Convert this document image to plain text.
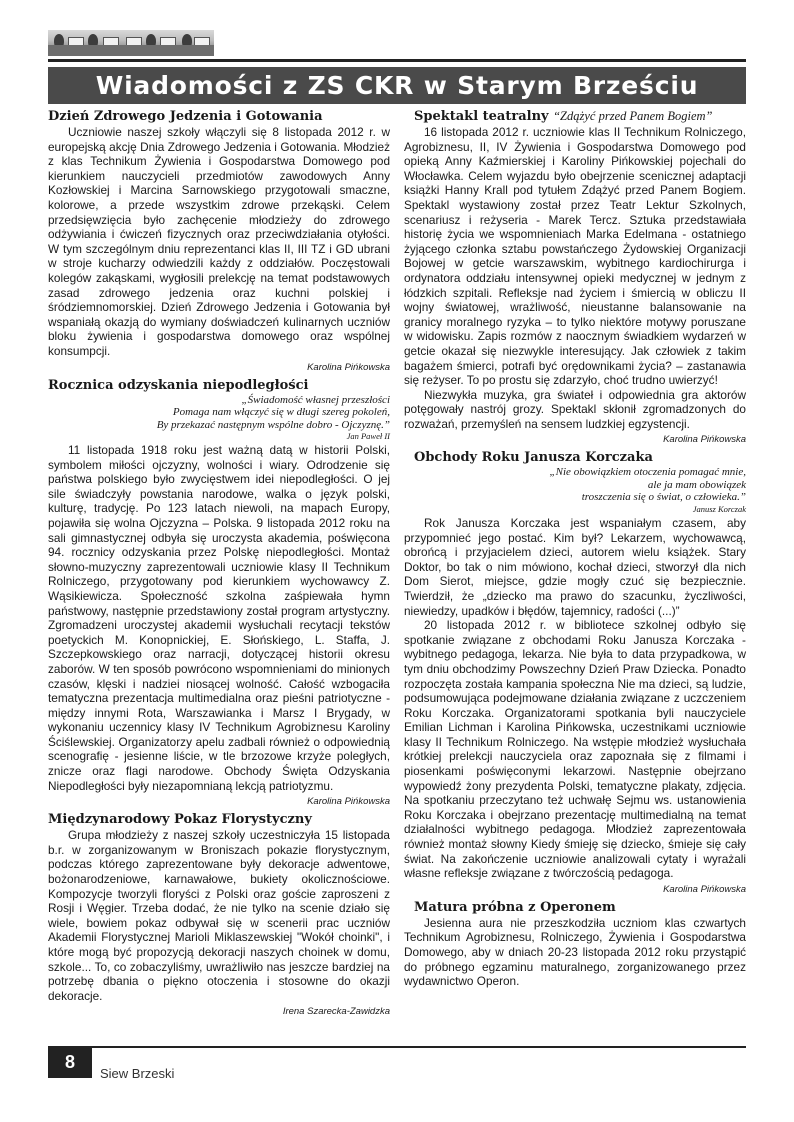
Wiadomości z ZS CKR w Starym Brześciu
Dzień Zdrowego Jedzenia i Gotowania

Uczniowie naszej szkoły włączyli się 8 listopada 2012 r. w europejską akcję Dnia Zdrowego Jedzenia i Gotowania. Młodzież z klas Technikum Żywienia i Gospodarstwa Domowego pod kierunkiem nauczycieli przedmiotów zawodowych Anny Kozłowskiej i Marcina Sarnowskiego przygotowali smaczne, kolorowe, a przede wszystkim zdrowe przekąski. Celem przedsięwzięcia było zachęcenie młodzieży do zdrowego odżywiania i ćwiczeń fizycznych oraz przeciwdziałania otyłości. W tym szczególnym dniu reprezentanci klas II, III TZ i GD ubrani w stroje kucharzy odwiedzili każdy z oddziałów. Poczęstowali kolegów zakąskami, wygłosili prelekcję na temat podstawowych zasad zdrowego jedzenia oraz kuchni polskiej i śródziemnomorskiej. Dzień Zdrowego Jedzenia i Gotowania był wspaniałą okazją do wymiany doświadczeń kulinarnych uczniów bloku żywienia i gospodarstwa domowego oraz wspólnej konsumpcji.

Karolina Pińkowska
Rocznica odzyskania niepodległości
„Świadomość własnej przeszłości
Pomaga nam włączyć się w długi szereg pokoleń,
By przekazać następnym wspólne dobro - Ojczyznę.”
Jan Paweł II

11 listopada 1918 roku jest ważną datą w historii Polski, symbolem miłości ojczyzny, wolności i wiary. Odrodzenie się państwa polskiego było zwycięstwem idei niepodległości. O jej sile świadczyły powstania narodowe, walka o język polski, kulturę, tradycję. Po 123 latach niewoli, na mapach Europy, pojawiła się wolna Ojczyzna – Polska. 9 listopada 2012 roku na sali gimnastycznej odbyła się uroczysta akademia, poświęcona 94. rocznicy odzyskania przez Polskę niepodległości. Montaż słowno-muzyczny zaprezentowali uczniowie klasy II Technikum Rolniczego, przygotowany pod kierunkiem wychowawcy Z. Wąsikiewicza. Społeczność szkolna zaśpiewała hymn państwowy, następnie przedstawiony został program artystyczny. Zgromadzeni uroczystej akademii wysłuchali recytacji tekstów poetyckich M. Konopnickiej, E. Słońskiego, L. Staffa, J. Szczepkowskiego oraz narracji, dotyczącej historii okresu zaborów. W ten sposób powrócono wspomnieniami do minionych czasów, klęski i nadziei niosącej wolność. Całość wzbogaciła tematyczna prezentacja multimedialna oraz pieśni patriotyczne - między innymi Rota, Warszawianka i Marsz I Brygady, w wykonaniu uczennicy klasy IV Technikum Agrobiznesu Karoliny Ściślewskiej. Organizatorzy apelu zadbali również o odpowiednią scenografię - jesienne liście, w tle brzozowe krzyże poległych, znicze oraz flagi narodowe. Obchody Święta Odzyskania Niepodległości były niezapomnianą lekcją patriotyzmu.

Karolina Pińkowska
Międzynarodowy Pokaz Florystyczny

Grupa młodzieży z naszej szkoły uczestniczyła 15 listopada b.r. w zorganizowanym w Broniszach pokazie florystycznym, podczas którego zaprezentowane były dekoracje adwentowe, bożonarodzeniowe, karnawałowe, bukiety okolicznościowe. Kompozycje tworzyli floryści z Polski oraz goście zaproszeni z Rosji i Węgier. Trzeba dodać, że nie tylko na scenie działo się wiele, bowiem pokaz odbywał się w scenerii prac uczniów Akademii Florystycznej Marioli Miklaszewskiej "Wokół choinki", i które mogą być propozycją dekoracji naszych choinek w domu, szkole... To, co zobaczyliśmy, uwrażliwiło nas jeszcze bardziej na potrzebę dbania o piękno otoczenia i stosowne do okazji dekoracje.

Irena Szarecka-Zawidzka
Spektakl teatralny “Zdążyć przed Panem Bogiem”

16 listopada 2012 r. uczniowie klas II Technikum Rolniczego, Agrobiznesu, II, IV Żywienia i Gospodarstwa Domowego pod opieką Anny Kaźmierskiej i Karoliny Pińkowskiej pojechali do Włocławka. Celem wyjazdu było obejrzenie scenicznej adaptacji książki Hanny Krall pod tytułem Zdążyć przed Panem Bogiem. Spektakl wystawiony został przez Teatr Lektur Szkolnych, scenariusz i reżyseria - Marek Tercz. Sztuka przedstawiała historię życia we wspomnieniach Marka Edelmana - ostatniego żyjącego członka sztabu powstańczego Żydowskiej Organizacji Bojowej w getcie warszawskim, wybitnego kardiochirurga i ordynatora oddziału intensywnej opieki medycznej w jednym z łódzkich szpitali. Refleksje nad życiem i śmiercią w obliczu II wojny światowej, wrażliwość, nieustanne balansowanie na granicy moralnego ryzyka – to tylko niektóre motywy poruszane w widowisku. Zapis rozmów z naocznym świadkiem wydarzeń w getcie okazał się niezwykle interesujący. Jak człowiek z takim bagażem śmierci, potrafi być orędownikami życia? – zastanawia się reżyser. To po prostu się zdarzyło, choć trudno uwierzyć!

Niezwykła muzyka, gra świateł i odpowiednia gra aktorów potęgowały nastrój grozy. Spektakl skłonił zgromadzonych do rozważań, przemyśleń na sensem ludzkiej egzystencji.

Karolina Pińkowska
Obchody Roku Janusza Korczaka
„Nie obowiązkiem otoczenia pomagać mnie,
ale ja mam obowiązek
troszczenia się o świat, o człowieka.”
Janusz Korczak

Rok Janusza Korczaka jest wspaniałym czasem, aby przypomnieć jego postać. Kim był? Lekarzem, wychowawcą, obrońcą i przyjacielem dzieci, autorem wielu książek. Stary Doktor, bo tak o nim mówiono, kochał dzieci, stworzył dla nich Dom Sierot, miejsce, gdzie mogły czuć się bezpiecznie. Twierdził, że „dziecko ma prawo do szacunku, życzliwości, niewiedzy, upadków i błędów, tajemnicy, radości (...)”

20 listopada 2012 r. w bibliotece szkolnej odbyło się spotkanie związane z obchodami Roku Janusza Korczaka - wybitnego pedagoga, lekarza. Nie była to data przypadkowa, w tym dniu obchodzimy Powszechny Dzień Praw Dziecka. Ponadto rozpoczęta została kampania społeczna Nie ma dzieci, są ludzie, podsumowująca podejmowane działania związane z uczczeniem Roku Korczaka. Organizatorami spotkania byli nauczyciele Emilian Lichman i Karolina Pińkowska, uczestnikami uczniowie klasy II Technikum Rolniczego. Na wstępie młodzież wysłuchała krótkiej prelekcji nauczyciela oraz zapoznała się z filmami i piosenkami poświęconymi lekarzowi. Następnie obejrzano wypowiedź żony prezydenta Polski, tematyczne plakaty, zdjęcia. Na spotkaniu przeczytano też uchwałę Sejmu ws. ustanowienia Roku Korczaka i obejrzano prezentację multimedialną na temat działalności wybitnego pedagoga. Młodzież zaprezentowała również montaż słowny Kiedy śmieję się dziecko, śmieje się cały świat. Na zakończenie uczniowie analizowali cytaty i wyrażali własne refleksje związane z twórczością pedagoga.

Karolina Pińkowska
Matura próbna z Operonem

Jesienna aura nie przeszkodziła uczniom klas czwartych Technikum Agrobiznesu, Rolniczego, Żywienia i Gospodarstwa Domowego, aby w dniach 20-23 listopada 2012 roku przystąpić do próbnego egzaminu maturalnego, zorganizowanego przez wydawnictwo Operon.

8
Siew Brzeski
